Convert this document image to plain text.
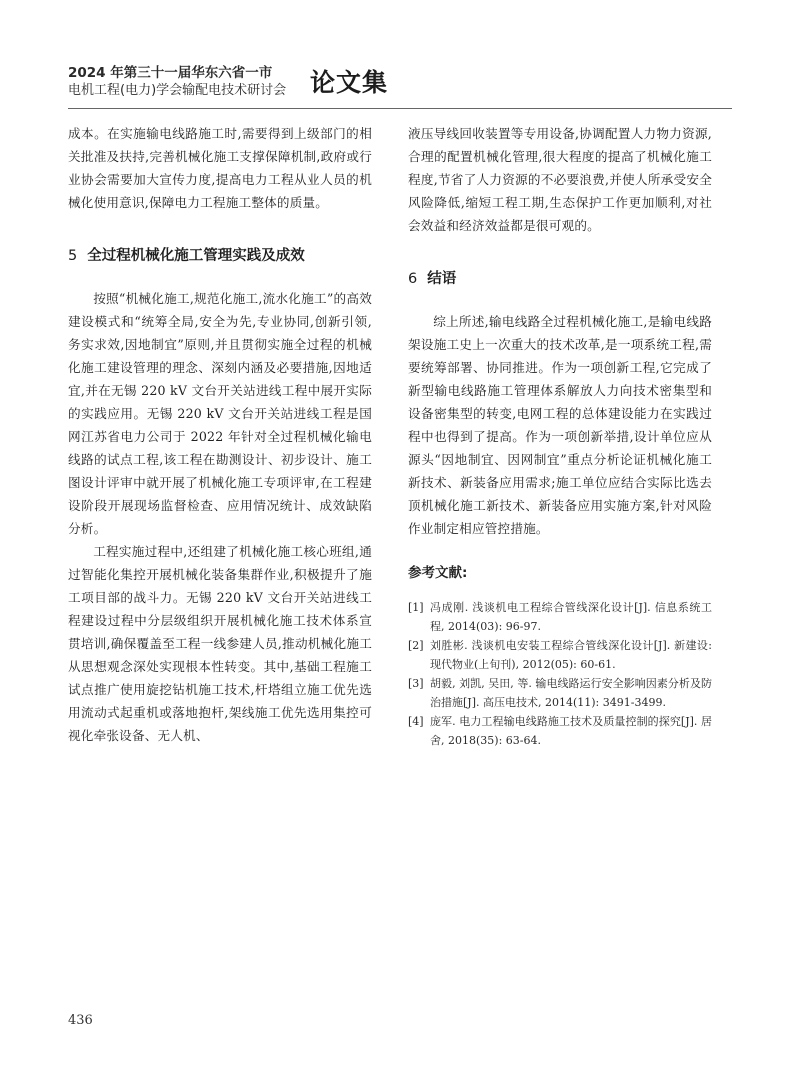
2024 年第三十一届华东六省一市
电机工程(电力)学会输配电技术研讨会 论文集

成本。在实施输电线路施工时,需要得到上级部门的相关批准及扶持,完善机械化施工支撑保障机制,政府或行业协会需要加大宣传力度,提高电力工程从业人员的机械化使用意识,保障电力工程施工整体的质量。

5 全过程机械化施工管理实践及成效

按照“机械化施工,规范化施工,流水化施工”的高效建设模式和“统筹全局,安全为先,专业协同,创新引领,务实求效,因地制宜”原则,并且贯彻实施全过程的机械化施工建设管理的理念、深刻内涵及必要措施,因地适宜,并在无锡 220 kV 文台开关站进线工程中展开实际的实践应用。无锡 220 kV 文台开关站进线工程是国网江苏省电力公司于 2022 年针对全过程机械化输电线路的试点工程,该工程在勘测设计、初步设计、施工图设计评审中就开展了机械化施工专项评审,在工程建设阶段开展现场监督检查、应用情况统计、成效缺陷分析。

工程实施过程中,还组建了机械化施工核心班组,通过智能化集控开展机械化装备集群作业,积极提升了施工项目部的战斗力。无锡 220 kV 文台开关站进线工程建设过程中分层级组织开展机械化施工技术体系宣贯培训,确保覆盖至工程一线参建人员,推动机械化施工从思想观念深处实现根本性转变。其中,基础工程施工试点推广使用旋挖钻机施工技术,杆塔组立施工优先选用流动式起重机或落地抱杆,架线施工优先选用集控可视化牵张设备、无人机、

液压导线回收装置等专用设备,协调配置人力物力资源,合理的配置机械化管理,很大程度的提高了机械化施工程度,节省了人力资源的不必要浪费,并使人所承受安全风险降低,缩短工程工期,生态保护工作更加顺利,对社会效益和经济效益都是很可观的。

6 结语

综上所述,输电线路全过程机械化施工,是输电线路架设施工史上一次重大的技术改革,是一项系统工程,需要统筹部署、协同推进。作为一项创新工程,它完成了新型输电线路施工管理体系解放人力向技术密集型和设备密集型的转变,电网工程的总体建设能力在实践过程中也得到了提高。作为一项创新举措,设计单位应从源头“因地制宜、因网制宜”重点分析论证机械化施工新技术、新装备应用需求;施工单位应结合实际比选去顶机械化施工新技术、新装备应用实施方案,针对风险作业制定相应管控措施。

参考文献:
[1] 冯成刚. 浅谈机电工程综合管线深化设计[J]. 信息系统工程, 2014(03): 96-97.
[2] 刘胜彬. 浅谈机电安装工程综合管线深化设计[J]. 新建设: 现代物业(上旬刊), 2012(05): 60-61.
[3] 胡毅, 刘凯, 吴田, 等. 输电线路运行安全影响因素分析及防治措施[J]. 高压电技术, 2014(11): 3491-3499.
[4] 庞军. 电力工程输电线路施工技术及质量控制的探究[J]. 居舍, 2018(35): 63-64.
436
